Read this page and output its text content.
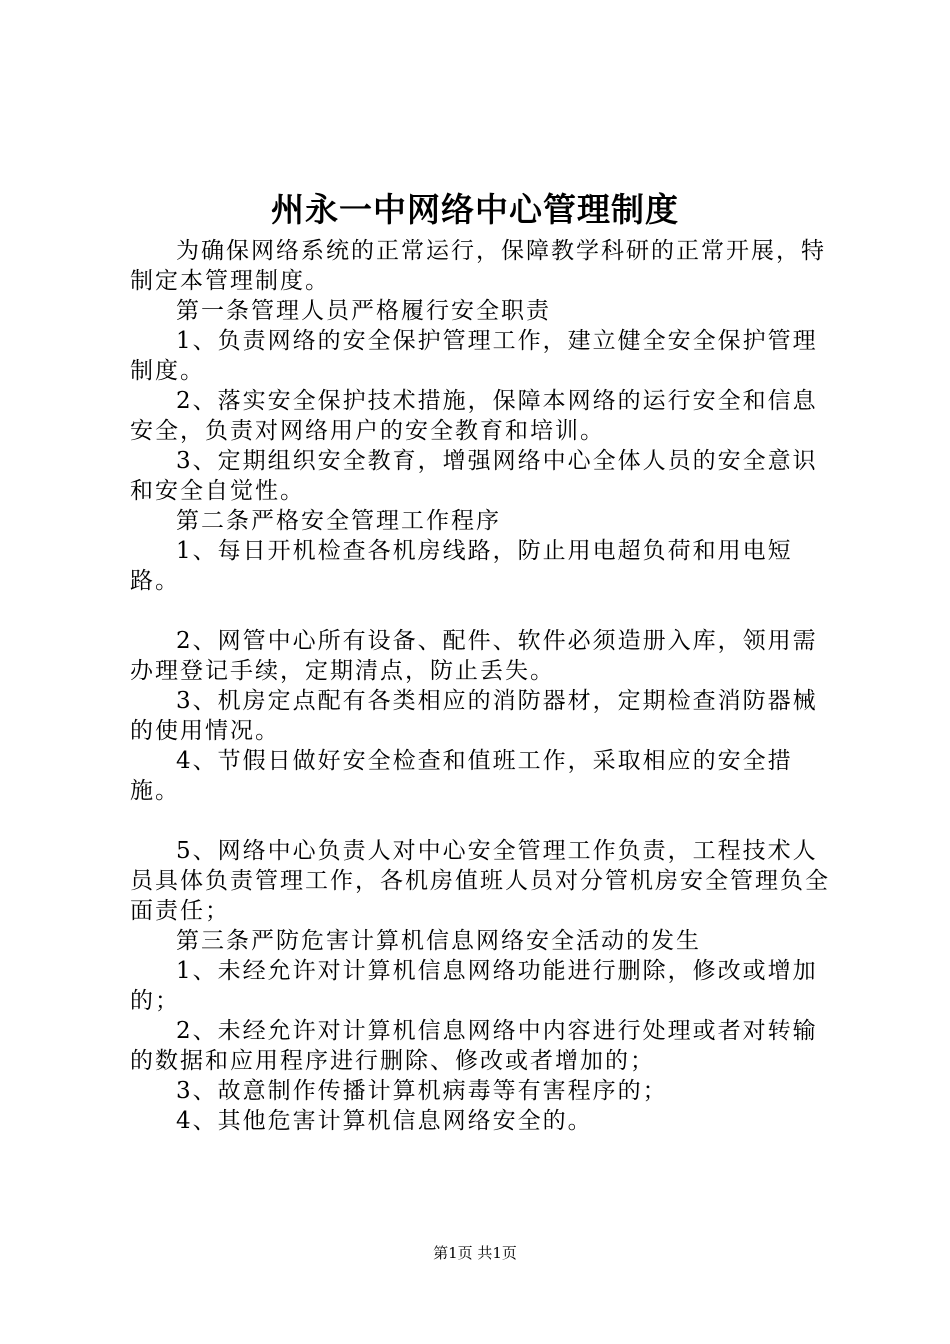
州永一中网络中心管理制度

为确保网络系统的正常运行，保障教学科研的正常开展，特制定本管理制度。

第一条管理人员严格履行安全职责

1、负责网络的安全保护管理工作，建立健全安全保护管理制度。

2、落实安全保护技术措施，保障本网络的运行安全和信息安全，负责对网络用户的安全教育和培训。

3、定期组织安全教育，增强网络中心全体人员的安全意识和安全自觉性。

第二条严格安全管理工作程序

1、每日开机检查各机房线路，防止用电超负荷和用电短路。

2、网管中心所有设备、配件、软件必须造册入库，领用需办理登记手续，定期清点，防止丢失。

3、机房定点配有各类相应的消防器材，定期检查消防器械的使用情况。

4、节假日做好安全检查和值班工作，采取相应的安全措施。

5、网络中心负责人对中心安全管理工作负责，工程技术人员具体负责管理工作，各机房值班人员对分管机房安全管理负全面责任；

第三条严防危害计算机信息网络安全活动的发生

1、未经允许对计算机信息网络功能进行删除，修改或增加的；

2、未经允许对计算机信息网络中内容进行处理或者对转输的数据和应用程序进行删除、修改或者增加的；

3、故意制作传播计算机病毒等有害程序的；

4、其他危害计算机信息网络安全的。

第1页 共1页
